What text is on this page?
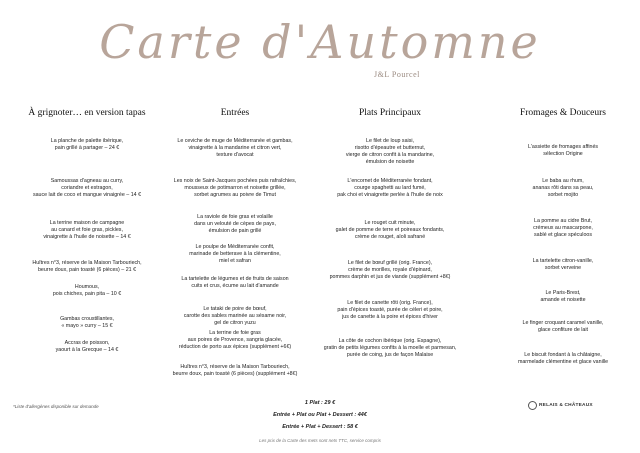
Carte d'Automne
J&L Pourcel
À grignoter… en version tapas
La planche de palette ibérique,
pain grillé à partager – 24 €
Samoussas d'agneau au curry,
coriandre et estragon,
sauce lait de coco et mangue vinaigrée – 14 €
La terrine maison de campagne
au canard et foie gras, pickles,
vinaigrette à l'huile de noisette – 14 €
Huîtres n°3, réserve de la Maison Tarbouriech,
beurre doux, pain toasté (6 pièces) – 21 €
Houmous,
pois chiches, pain pita – 10 €
Gambas croustillantes,
« mayo » curry – 15 €
Accras de poisson,
yaourt à la Grecque – 14 €
Entrées
Le ceviche de muge de Méditerranée et gambas,
vinaigrette à la mandarine et citron vert,
texture d'avocat
Les noix de Saint-Jacques pochées puis rafraîchies,
mousseux de potimarron et noisette grillée,
sorbet agrumes au poivre de Timut
La raviole de foie gras et volaille
dans un velouté de cèpes de pays,
émulsion de pain grillé
Le poulpe de Méditerranée confit,
marinade de betterave à la clémentine,
miel et safran
La tartelette de légumes et de fruits de saison
cuits et crus, écume au lait d'amande
Le tataki de poire de bœuf,
carotte des sables marinée au sésame noir,
gel de citron yuzu
La terrine de foie gras
aux poires de Provence, sangria glacée,
réduction de porto aux épices (supplément +6€)
Huîtres n°3, réserve de la Maison Tarbouriech,
beurre doux, pain toasté (6 pièces) (supplément +8€)
Plats Principaux
Le filet de loup saisi,
risotto d'épeautre et butternut,
vierge de citron confit à la mandarine,
émulsion de noisette
L'encornet de Méditerranée fondant,
courge spaghetti au lard fumé,
pak choi et vinaigrette perlée à l'huile de noix
Le rouget cuit minute,
galet de pomme de terre et poireaux fondants,
crème de rouget, aïoli safrané
Le filet de bœuf grillé (orig. France),
crème de morilles, royale d'épinard,
pommes darphin et jus de viande (supplément +8€)
Le filet de canette rôti (orig. France),
pain d'épices toasté, purée de céleri et poire,
jus de canette à la poire et épices d'hiver
La côte de cochon ibérique (orig. Espagne),
gratin de petits légumes confits à la moelle et parmesan,
purée de coing, jus de façon Malaise
Fromages & Douceurs
L'assiette de fromages affinés
sélection Origine
Le baba au rhum,
ananas rôti dans sa peau,
sorbet mojito
La pomme au cidre Brut,
crémeux au mascarpone,
sablé et glace spéculoos
La tartelette citron-vanille,
sorbet verveine
Le Paris-Brest,
amande et noisette
Le finger croquant caramel vanille,
glace confiture de lait
Le biscuit fondant à la châtaigne,
marmelade clémentine et glace vanille
*Liste d'allergènes disponible sur demande
1 Plat : 29 €
Entrée + Plat ou Plat + Dessert : 44€
Entrée + Plat + Dessert : 58 €
Les prix de la Carte des mets sont nets TTC, service compris
RELAIS & CHÂTEAUX
